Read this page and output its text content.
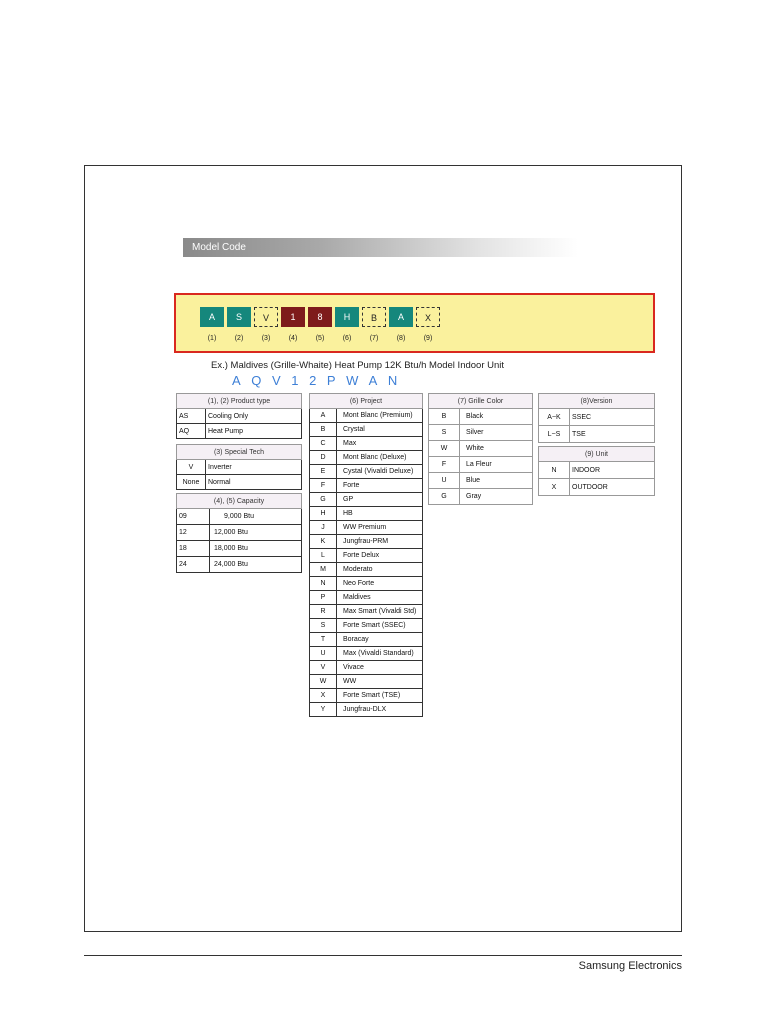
Model Code
A
(1)
S
(2)
V
(3)
1
(4)
8
(5)
H
(6)
B
(7)
A
(8)
X
(9)
Ex.) Maldives (Grille-Whaite) Heat Pump 12K Btu/h Model Indoor Unit
AQV12PWAN
(1), (2) Product type	
AS	Cooling Only
AQ	Heat Pump
(3) Special Tech	
V	Inverter
None	Normal
(4), (5) Capacity	
09	9,000 Btu
12	12,000 Btu
18	18,000 Btu
24	24,000 Btu
(6) Project	
A	Mont Blanc (Premium)
B	Crystal
C	Max
D	Mont Blanc (Deluxe)
E	Cystal (Vivaldi Deluxe)
F	Forte
G	GP
H	HB
J	WW Premium
K	Jungfrau-PRM
L	Forte Delux
M	Moderato
N	Neo Forte
P	Maldives
R	Max Smart (Vivaldi Std)
S	Forte Smart (SSEC)
T	Boracay
U	Max (Vivaldi Standard)
V	Vivace
W	WW
X	Forte Smart (TSE)
Y	Jungfrau-DLX
(7) Grille Color	
B	Black
S	Silver
W	White
F	La Fleur
U	Blue
G	Gray
(8)Version	
A~K	SSEC
L~S	TSE
(9) Unit	
N	INDOOR
X	OUTDOOR
Samsung Electronics
